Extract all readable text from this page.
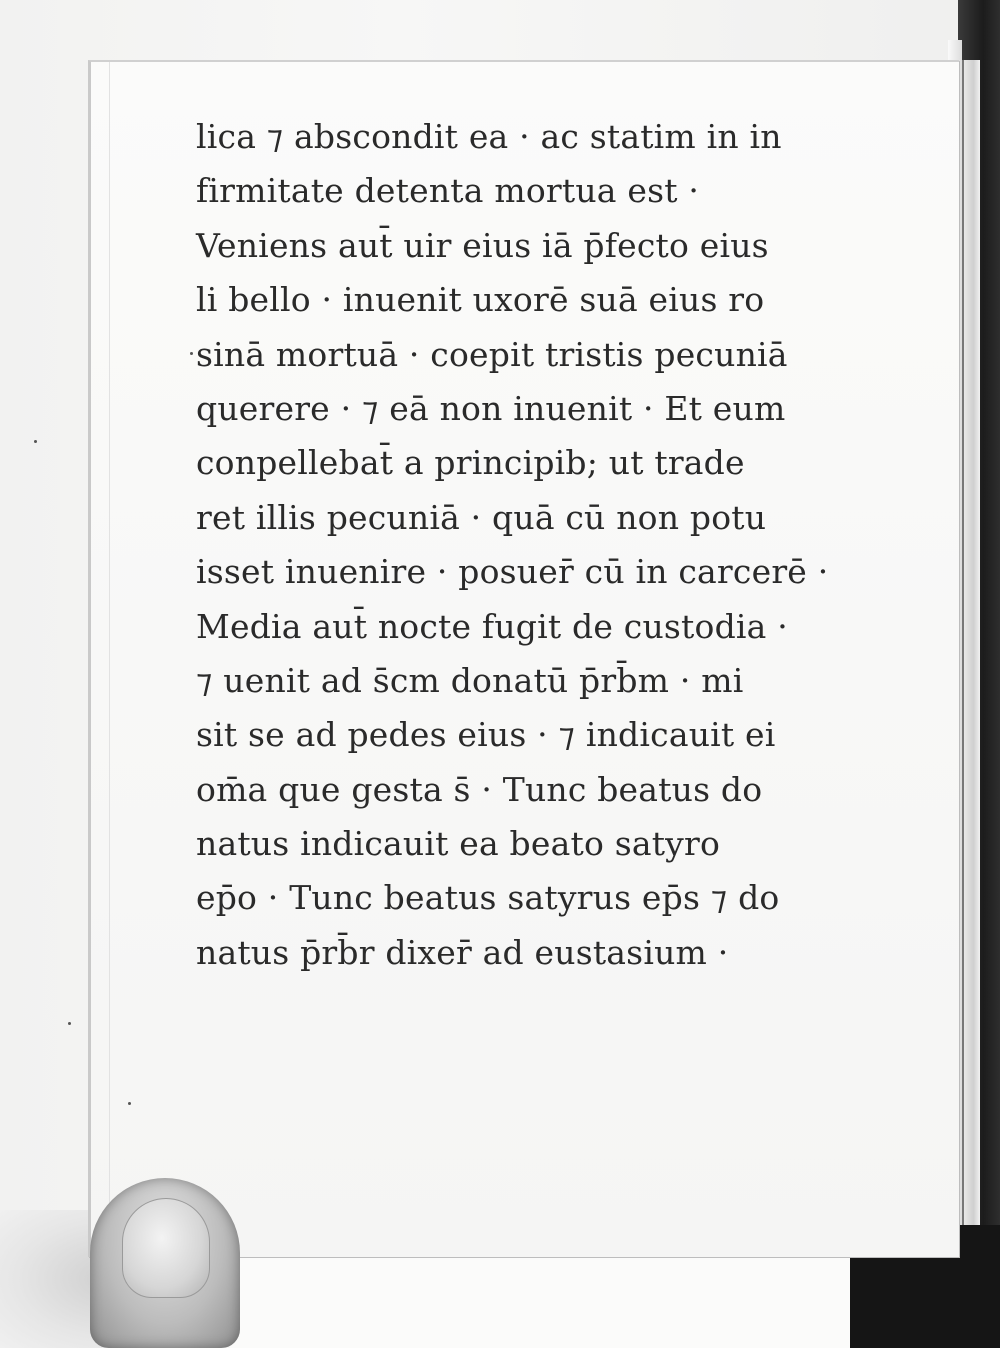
lica ⁊ abscondit ea · ac statim in in
firmitate detenta mortua est ·
Veniens aut̄ uir eius iā p̄fecto eius
li bello · inuenit uxorē suā eius ro
sinā mortuā · coepit tristis pecuniā
querere · ⁊ eā non inuenit · Et eum
conpellebat̄ a principib; ut trade
ret illis pecuniā · quā cū non potu
isset inuenire · posuer̄ cū in carcerē ·
Media aut̄ nocte fugit de custodia ·
⁊ uenit ad s̄cm donatū p̄rb̄m · mi
sit se ad pedes eius · ⁊ indicauit ei
om̄a que gesta s̄ · Tunc beatus do
natus indicauit ea beato satyro
ep̄o · Tunc beatus satyrus ep̄s ⁊ do
natus p̄rb̄r dixer̄ ad eustasium ·
